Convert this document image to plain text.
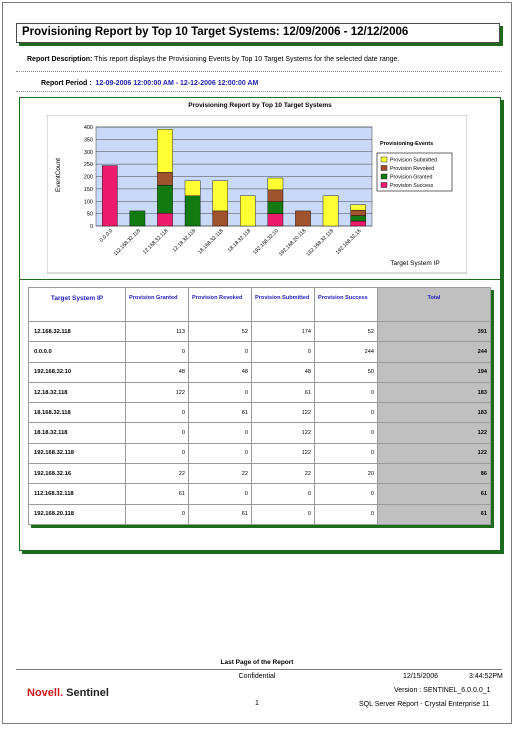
Provisioning Report by Top 10 Target Systems: 12/09/2006 - 12/12/2006
Report Description: This report displays the Provisioning Events by Top 10 Target Systems for the selected date range.
Report Period : 12-09-2006 12:00:00 AM - 12-12-2006 12:00:00 AM
Provisioning Report by Top 10 Target Systems
EventCount
Target System IP
0
50
100
150
200
250
300
350
400
0.0.0.0
112.168.32.118 12.168.32.118 12.18.32.118 18.168.32.118 18.18.32.118 192.168.32.10
192.168.20.118
192.168.32.118 192.168.32.16
Provisioning-Events
Provision Submitted
Provision Revoked
Provision Granted
Provision Success
Target System IP	Provision Granted	Provision Revoked	Provision Submitted	Provision Success	Total
12.168.32.118	113	52	174	52	391
0.0.0.0	0	0	0	244	244
192.168.32.10	48	48	48	50	194
12.18.32.118	122	0	61	0	183
18.168.32.118	0	61	122	0	183
18.18.32.118	0	0	122	0	122
192.168.32.118	0	0	122	0	122
192.168.32.16	22	22	22	20	86
112.168.32.118	61	0	0	0	61
192.168.20.118	0	61	0	0	61
Last Page of the Report
Confidential	12/15/2006	3:44:52PM
Version : SENTINEL_6.0.0.0_1
SQL Server Report - Crystal Enterprise 11
1
Novell. Sentinel
